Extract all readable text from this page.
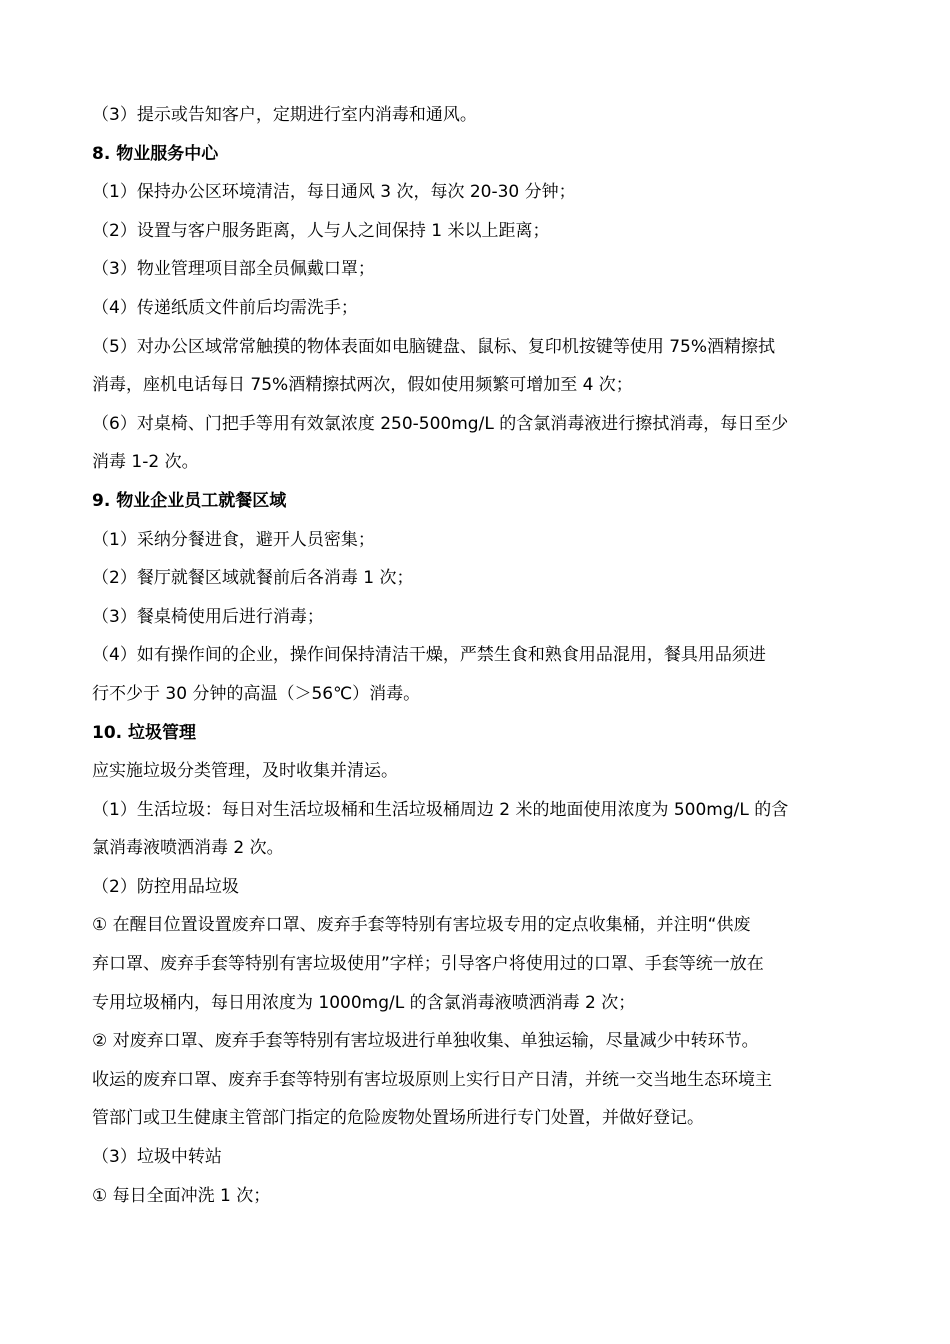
（3）提示或告知客户，定期进行室内消毒和通风。

8. 物业服务中心

（1）保持办公区环境清洁，每日通风 3 次，每次 20-30 分钟；

（2）设置与客户服务距离，人与人之间保持 1 米以上距离；

（3）物业管理项目部全员佩戴口罩；

（4）传递纸质文件前后均需洗手；

（5）对办公区域常常触摸的物体表面如电脑键盘、鼠标、复印机按键等使用 75%酒精擦拭

消毒，座机电话每日 75%酒精擦拭两次，假如使用频繁可增加至 4 次；

（6）对桌椅、门把手等用有效氯浓度 250-500mg/L 的含氯消毒液进行擦拭消毒，每日至少

消毒 1-2 次。

9. 物业企业员工就餐区域

（1）采纳分餐进食，避开人员密集；

（2）餐厅就餐区域就餐前后各消毒 1 次；

（3）餐桌椅使用后进行消毒；

（4）如有操作间的企业，操作间保持清洁干燥，严禁生食和熟食用品混用，餐具用品须进

行不少于 30 分钟的高温（＞56℃）消毒。

10. 垃圾管理

应实施垃圾分类管理，及时收集并清运。

（1）生活垃圾：每日对生活垃圾桶和生活垃圾桶周边 2 米的地面使用浓度为 500mg/L 的含

氯消毒液喷洒消毒 2 次。

（2）防控用品垃圾

① 在醒目位置设置废弃口罩、废弃手套等特别有害垃圾专用的定点收集桶，并注明“供废

弃口罩、废弃手套等特别有害垃圾使用”字样；引导客户将使用过的口罩、手套等统一放在

专用垃圾桶内，每日用浓度为 1000mg/L 的含氯消毒液喷洒消毒 2 次；

② 对废弃口罩、废弃手套等特别有害垃圾进行单独收集、单独运输，尽量减少中转环节。

收运的废弃口罩、废弃手套等特别有害垃圾原则上实行日产日清，并统一交当地生态环境主

管部门或卫生健康主管部门指定的危险废物处置场所进行专门处置，并做好登记。

（3）垃圾中转站

① 每日全面冲洗 1 次；
